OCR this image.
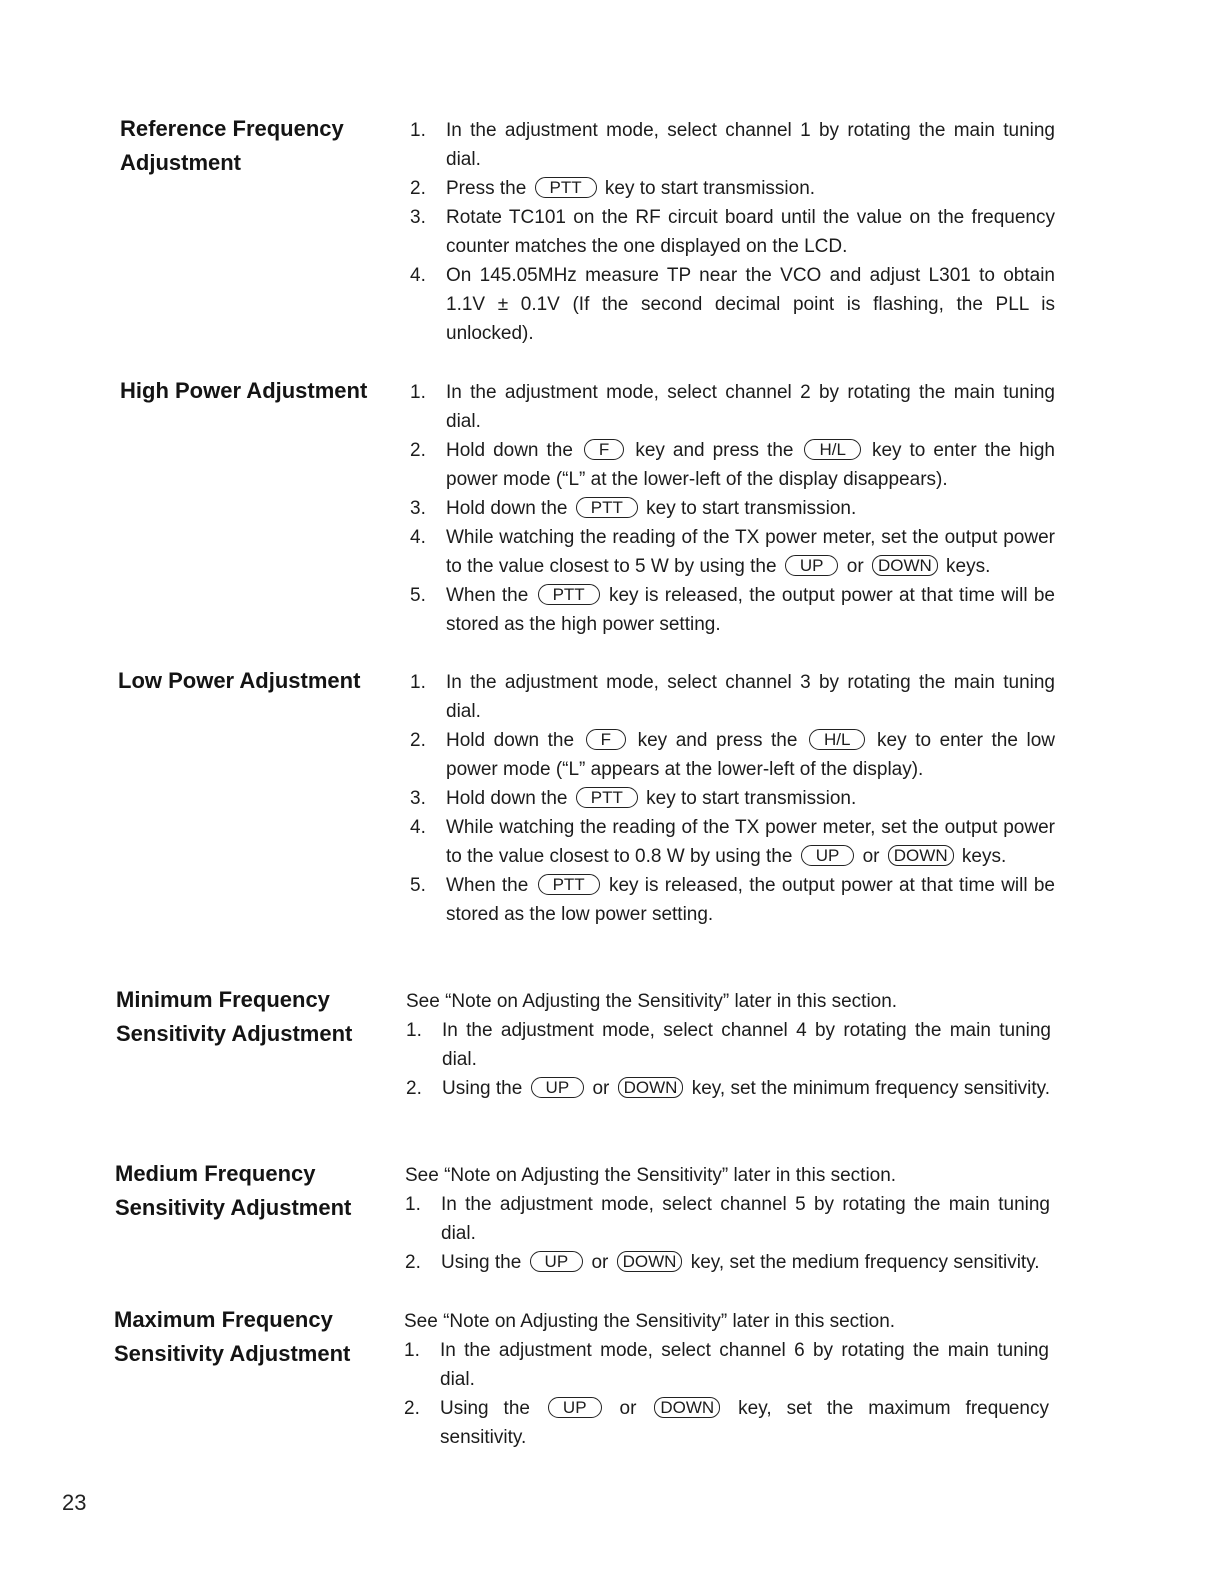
Reference Frequency
Adjustment
1.	In the adjustment mode, select channel 1 by rotating the main tuning dial.
2.	Press the PTT key to start transmission.
3.	Rotate TC101 on the RF circuit board until the value on the frequency counter matches the one displayed on the LCD.
4.	On 145.05MHz measure TP near the VCO and adjust L301 to obtain 1.1V ± 0.1V (If the second decimal point is flashing, the PLL is unlocked).
High Power Adjustment	1.	In the adjustment mode, select channel 2 by rotating the main tuning dial.
2.	Hold down the F key and press the H/L key to enter the high power mode (“L” at the lower-left of the display disappears).
3.	Hold down the PTT key to start transmission.
4.	While watching the reading of the TX power meter, set the output power to the value closest to 5 W by using the UP or DOWN keys.
5.	When the PTT key is released, the output power at that time will be stored as the high power setting.
Low Power Adjustment	1.	In the adjustment mode, select channel 3 by rotating the main tuning dial.
2.	Hold down the F key and press the H/L key to enter the low power mode (“L” appears at the lower-left of the display).
3.	Hold down the PTT key to start transmission.
4.	While watching the reading of the TX power meter, set the output power to the value closest to 0.8 W by using the UP or DOWN keys.
5.	When the PTT key is released, the output power at that time will be stored as the low power setting.
Minimum Frequency
Sensitivity Adjustment
See “Note on Adjusting the Sensitivity” later in this section.
1.	In the adjustment mode, select channel 4 by rotating the main tuning dial.
2.	Using the UP or DOWN key, set the minimum frequency sensitivity.
Medium Frequency
Sensitivity Adjustment
See “Note on Adjusting the Sensitivity” later in this section.
1.	In the adjustment mode, select channel 5 by rotating the main tuning dial.
2.	Using the UP or DOWN key, set the medium frequency sensitivity.
Maximum Frequency
Sensitivity Adjustment
See “Note on Adjusting the Sensitivity” later in this section.
1.	In the adjustment mode, select channel 6 by rotating the main tuning dial.
2.	Using the UP or DOWN key, set the maximum frequency sensitivity.
23
